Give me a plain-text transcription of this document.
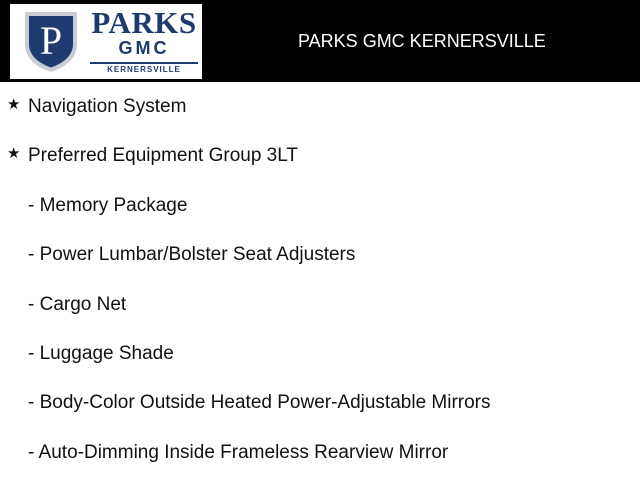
P PARKS
GMC
KERNERSVILLE
PARKS GMC KERNERSVILLE
★ Navigation System
★ Preferred Equipment Group 3LT
- Memory Package
- Power Lumbar/Bolster Seat Adjusters
- Cargo Net
- Luggage Shade
- Body-Color Outside Heated Power-Adjustable Mirrors
- Auto-Dimming Inside Frameless Rearview Mirror
